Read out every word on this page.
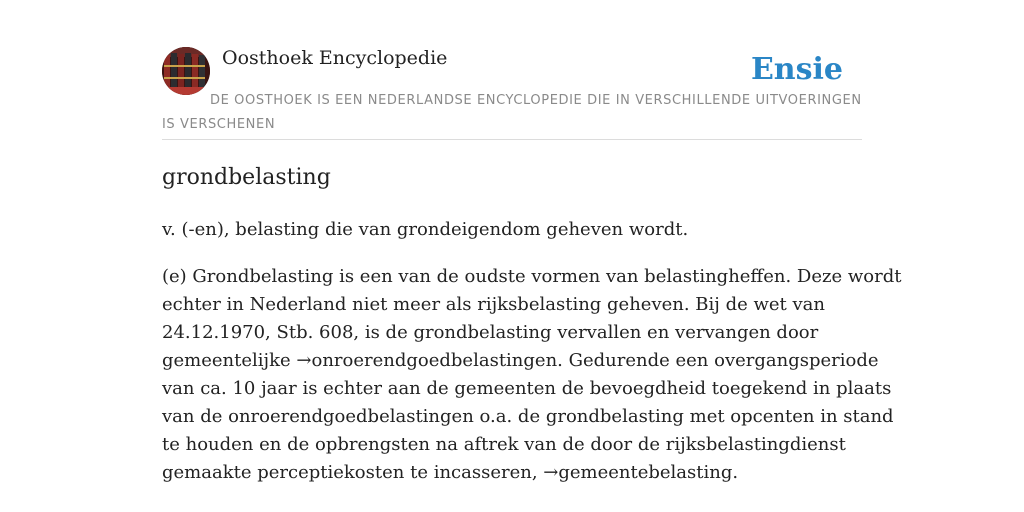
Oosthoek Encyclopedie	Ensie
DE OOSTHOEK IS EEN NEDERLANDSE ENCYCLOPEDIE DIE IN VERSCHILLENDE UITVOERINGEN IS VERSCHENEN
grondbelasting

v. (-en), belasting die van grondeigendom geheven wordt.

(e) Grondbelasting is een van de oudste vormen van belastingheffen. Deze wordt
echter in Nederland niet meer als rijksbelasting geheven. Bij de wet van
24.12.1970, Stb. 608, is de grondbelasting vervallen en vervangen door
gemeentelijke →onroerendgoedbelastingen. Gedurende een overgangsperiode
van ca. 10 jaar is echter aan de gemeenten de bevoegdheid toegekend in plaats
van de onroerendgoedbelastingen o.a. de grondbelasting met opcenten in stand
te houden en de opbrengsten na aftrek van de door de rijksbelastingdienst
gemaakte perceptiekosten te incasseren, →gemeentebelasting.
